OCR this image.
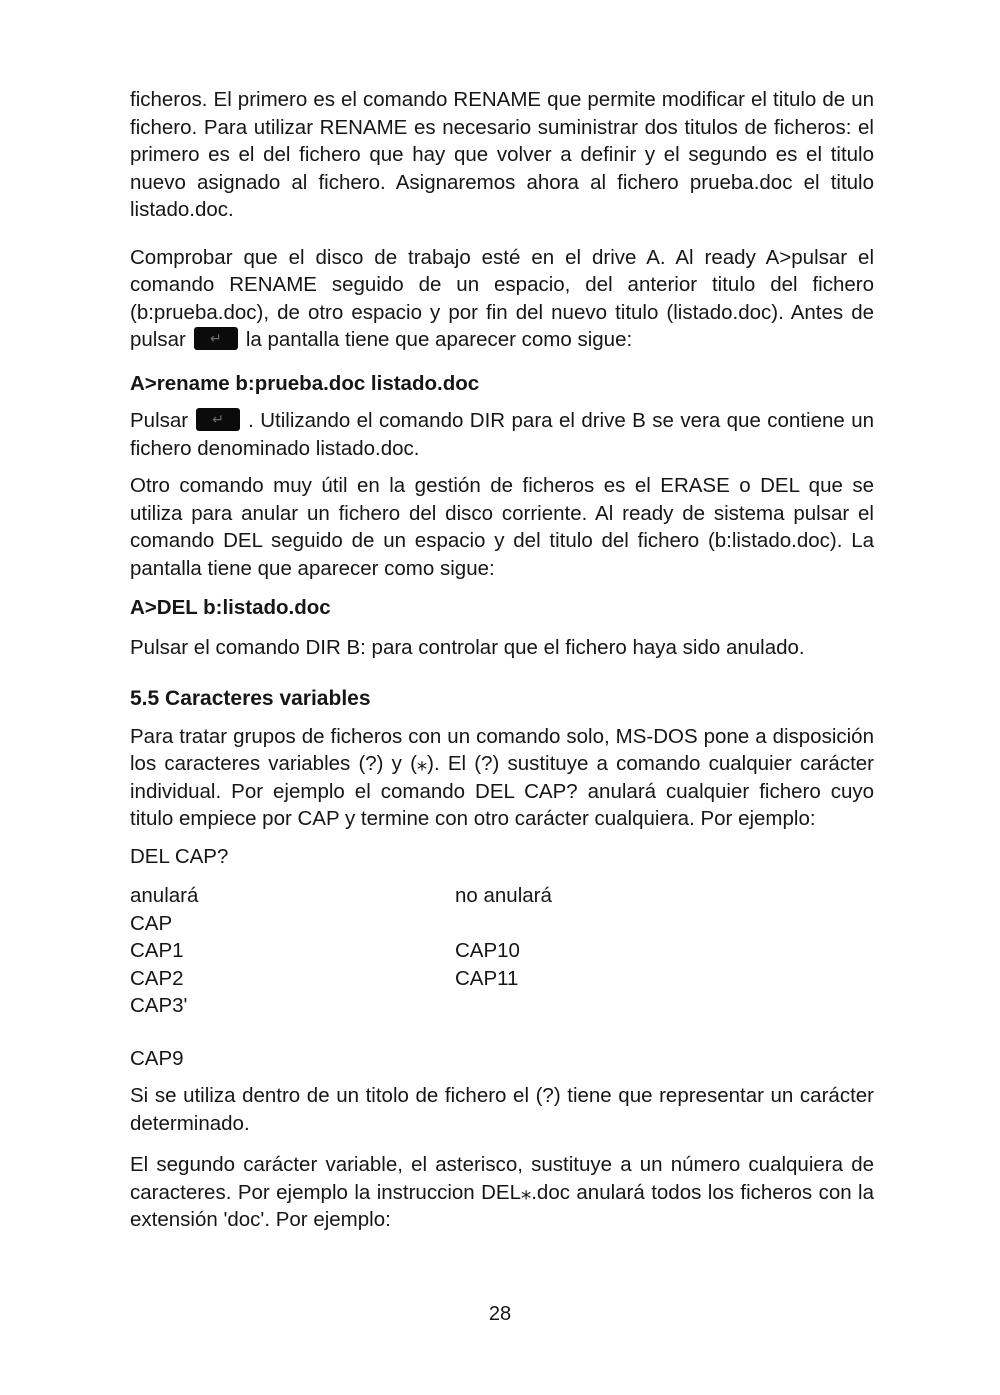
ficheros. El primero es el comando RENAME que permite modificar el titulo de un fichero. Para utilizar RENAME es necesario suministrar dos titulos de ficheros: el primero es el del fichero que hay que volver a definir y el segundo es el titulo nuevo asignado al fichero. Asignaremos ahora al fichero prueba.doc el titulo listado.doc.

Comprobar que el disco de trabajo esté en el drive A. Al ready A>pulsar el comando RENAME seguido de un espacio, del anterior titulo del fichero (b:prueba.doc), de otro espacio y por fin del nuevo titulo (listado.doc). Antes de pulsar ↵ la pantalla tiene que aparecer como sigue:

A>rename b:prueba.doc listado.doc

Pulsar ↵ . Utilizando el comando DIR para el drive B se vera que contiene un fichero denominado listado.doc.

Otro comando muy útil en la gestión de ficheros es el ERASE o DEL que se utiliza para anular un fichero del disco corriente. Al ready de sistema pulsar el comando DEL seguido de un espacio y del titulo del fichero (b:listado.doc). La pantalla tiene que aparecer como sigue:

A>DEL b:listado.doc

Pulsar el comando DIR B: para controlar que el fichero haya sido anulado.

5.5 Caracteres variables

Para tratar grupos de ficheros con un comando solo, MS-DOS pone a disposición los caracteres variables (?) y (⁎). El (?) sustituye a comando cualquier carácter individual. Por ejemplo el comando DEL CAP? anulará cualquier fichero cuyo titulo empiece por CAP y termine con otro carácter cualquiera. Por ejemplo:

DEL CAP?

anulará	no anulará
CAP
CAP1	CAP10
CAP2	CAP11
CAP3'

CAP9

Si se utiliza dentro de un titolo de fichero el (?) tiene que representar un carácter determinado.

El segundo carácter variable, el asterisco, sustituye a un número cualquiera de caracteres. Por ejemplo la instruccion DEL⁎.doc anulará todos los ficheros con la extensión 'doc'. Por ejemplo:

28
